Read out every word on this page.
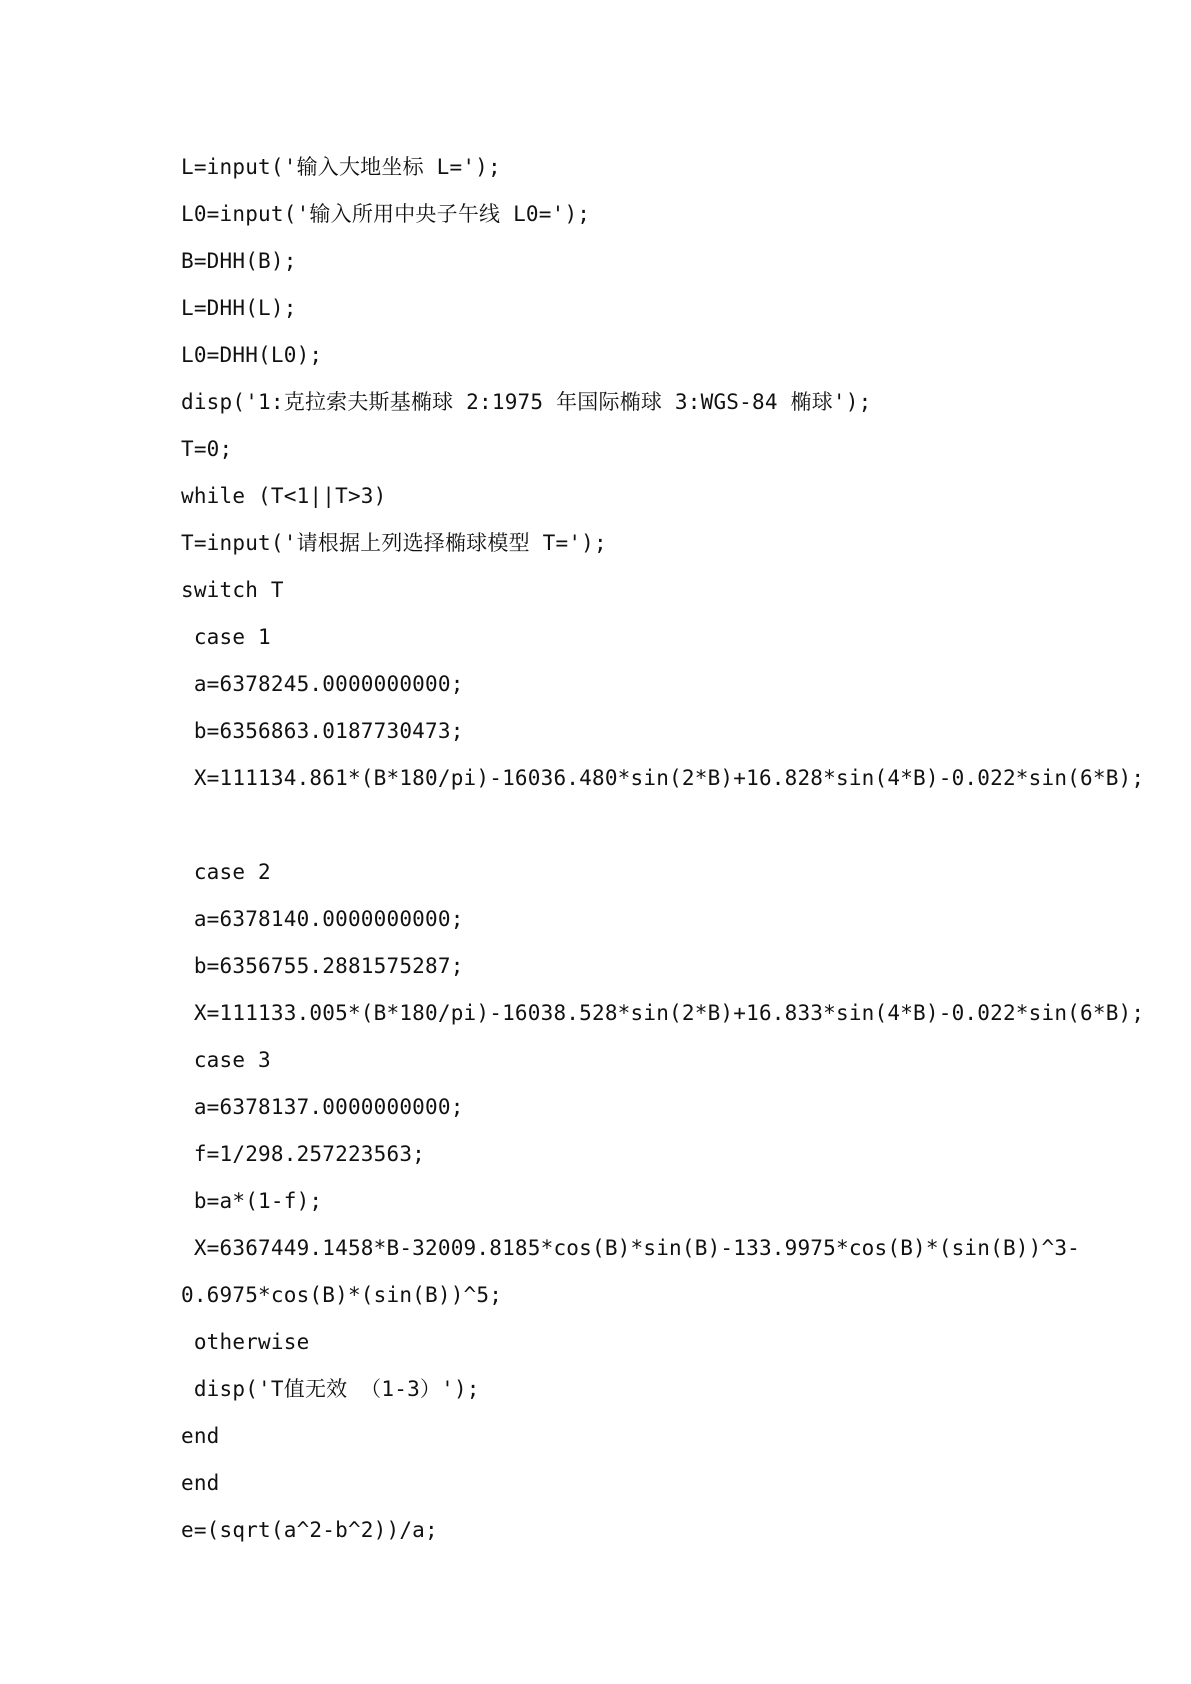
L=input('输入大地坐标 L=');
L0=input('输入所用中央子午线 L0=');
B=DHH(B);
L=DHH(L);
L0=DHH(L0);
disp('1:克拉索夫斯基椭球 2:1975 年国际椭球 3:WGS-84 椭球');
T=0;
while (T<1||T>3)
T=input('请根据上列选择椭球模型 T=');
switch T
case 1
a=6378245.0000000000;
b=6356863.0187730473;
X=111134.861*(B*180/pi)-16036.480*sin(2*B)+16.828*sin(4*B)-0.022*sin(6*B);
case 2
a=6378140.0000000000;
b=6356755.2881575287;
X=111133.005*(B*180/pi)-16038.528*sin(2*B)+16.833*sin(4*B)-0.022*sin(6*B);
case 3
a=6378137.0000000000;
f=1/298.257223563;
b=a*(1-f);
X=6367449.1458*B-32009.8185*cos(B)*sin(B)-133.9975*cos(B)*(sin(B))^3-
0.6975*cos(B)*(sin(B))^5;
otherwise
disp('T值无效 （1-3）');
end
end
e=(sqrt(a^2-b^2))/a;
